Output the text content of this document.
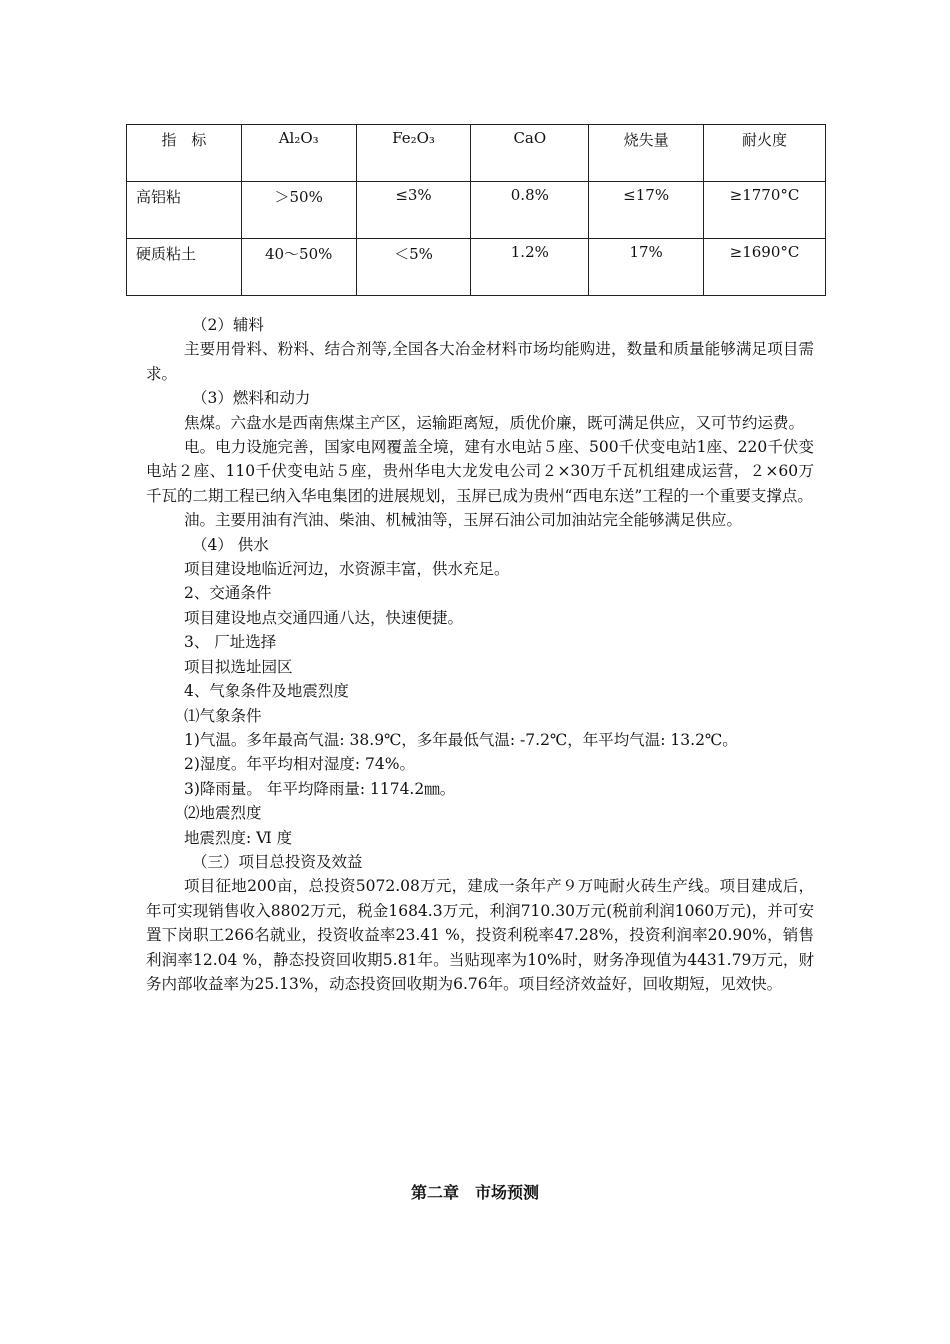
指　标	Al₂O₃	Fe₂O₃	CaO	烧失量	耐火度
高铝粘	＞50%	≤3%	0.8%	≤17%	≥1770°C
硬质粘土	40～50%	＜5%	1.2%	17%	≥1690°C

（2）辅料

主要用骨料、粉料、结合剂等,全国各大冶金材料市场均能购进，数量和质量能够满足项目需求。

（3）燃料和动力

焦煤。六盘水是西南焦煤主产区，运输距离短，质优价廉，既可满足供应，又可节约运费。

电。电力设施完善，国家电网覆盖全境，建有水电站５座、500千伏变电站1座、220千伏变电站２座、110千伏变电站５座，贵州华电大龙发电公司２×30万千瓦机组建成运营，２×60万千瓦的二期工程已纳入华电集团的进展规划，玉屏已成为贵州“西电东送”工程的一个重要支撑点。

油。主要用油有汽油、柴油、机械油等，玉屏石油公司加油站完全能够满足供应。

（4） 供水

项目建设地临近河边，水资源丰富，供水充足。

2、交通条件

项目建设地点交通四通八达，快速便捷。

3、 厂址选择

项目拟选址园区

4、气象条件及地震烈度

⑴气象条件

1)气温。多年最高气温: 38.9℃，多年最低气温: -7.2℃，年平均气温: 13.2℃。

2)湿度。年平均相对湿度: 74%。

3)降雨量。 年平均降雨量: 1174.2㎜。

⑵地震烈度

地震烈度: Ⅵ 度

（三）项目总投资及效益

项目征地200亩，总投资5072.08万元，建成一条年产９万吨耐火砖生产线。项目建成后，年可实现销售收入8802万元，税金1684.3万元，利润710.30万元(税前利润1060万元)，并可安置下岗职工266名就业，投资收益率23.41 %，投资利税率47.28%，投资利润率20.90%，销售利润率12.04 %，静态投资回收期5.81年。当贴现率为10%时，财务净现值为4431.79万元，财务内部收益率为25.13%，动态投资回收期为6.76年。项目经济效益好，回收期短，见效快。

第二章　市场预测
